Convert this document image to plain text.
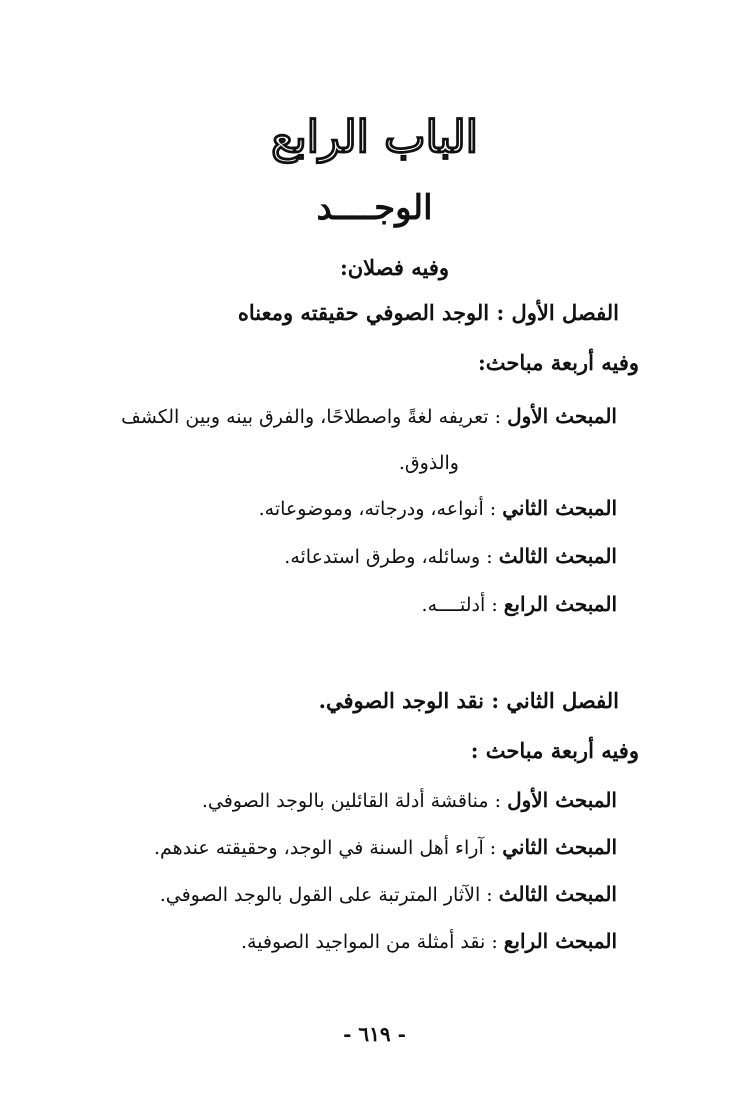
الباب الرابع
الوجــــد
وفيه فصلان:
الفصل الأول : الوجد الصوفي حقيقته ومعناه
وفيه أربعة مباحث:
المبحث الأول : تعريفه لغةً واصطلاحًا، والفرق بينه وبين الكشف
والذوق.
المبحث الثاني : أنواعه، ودرجاته، وموضوعاته.
المبحث الثالث : وسائله، وطرق استدعائه.
المبحث الرابع : أدلتــــه.
الفصل الثاني : نقد الوجد الصوفي.
وفيه أربعة مباحث :
المبحث الأول : مناقشة أدلة القائلين بالوجد الصوفي.
المبحث الثاني : آراء أهل السنة في الوجد، وحقيقته عندهم.
المبحث الثالث : الآثار المترتبة على القول بالوجد الصوفي.
المبحث الرابع : نقد أمثلة من المواجيد الصوفية.
- ٦١٩ -
